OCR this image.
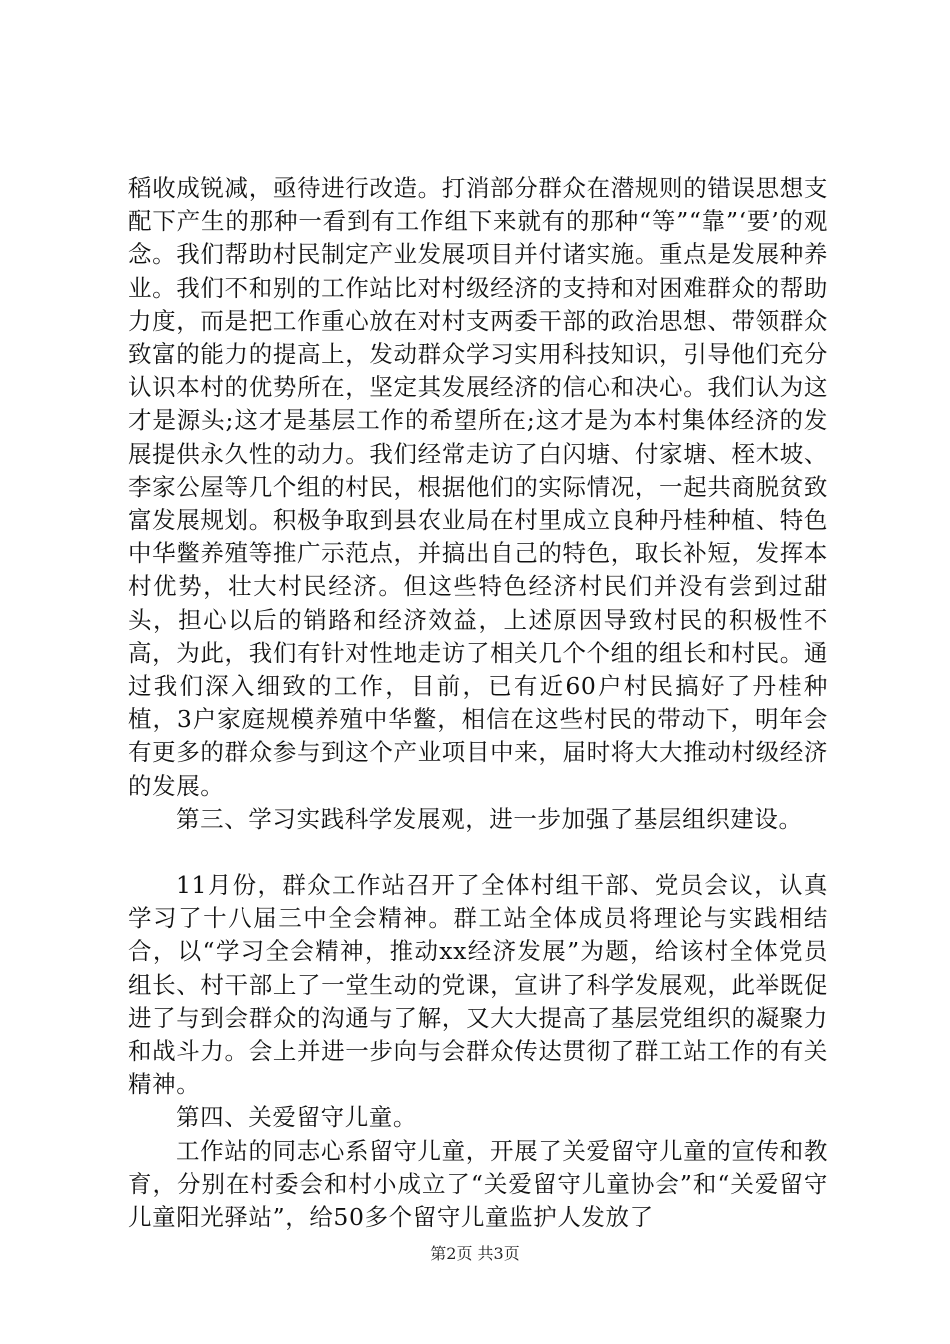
稻收成锐减，亟待进行改造。打消部分群众在潜规则的错误思想支配下产生的那种一看到有工作组下来就有的那种“等”“靠”‘要’的观念。我们帮助村民制定产业发展项目并付诸实施。重点是发展种养业。我们不和别的工作站比对村级经济的支持和对困难群众的帮助力度，而是把工作重心放在对村支两委干部的政治思想、带领群众致富的能力的提高上，发动群众学习实用科技知识，引导他们充分认识本村的优势所在，坚定其发展经济的信心和决心。我们认为这才是源头;这才是基层工作的希望所在;这才是为本村集体经济的发展提供永久性的动力。我们经常走访了白闪塘、付家塘、桎木坡、李家公屋等几个组的村民，根据他们的实际情况，一起共商脱贫致富发展规划。积极争取到县农业局在村里成立良种丹桂种植、特色中华鳖养殖等推广示范点，并搞出自己的特色，取长补短，发挥本村优势，壮大村民经济。但这些特色经济村民们并没有尝到过甜头，担心以后的销路和经济效益，上述原因导致村民的积极性不高，为此，我们有针对性地走访了相关几个个组的组长和村民。通过我们深入细致的工作，目前，已有近60户村民搞好了丹桂种植，3户家庭规模养殖中华鳖，相信在这些村民的带动下，明年会有更多的群众参与到这个产业项目中来，届时将大大推动村级经济的发展。

第三、学习实践科学发展观，进一步加强了基层组织建设。

11月份，群众工作站召开了全体村组干部、党员会议，认真学习了十八届三中全会精神。群工站全体成员将理论与实践相结合，以“学习全会精神，推动xx经济发展”为题，给该村全体党员组长、村干部上了一堂生动的党课，宣讲了科学发展观，此举既促进了与到会群众的沟通与了解，又大大提高了基层党组织的凝聚力和战斗力。会上并进一步向与会群众传达贯彻了群工站工作的有关精神。

第四、关爱留守儿童。

工作站的同志心系留守儿童，开展了关爱留守儿童的宣传和教育，分别在村委会和村小成立了“关爱留守儿童协会”和“关爱留守儿童阳光驿站”，给50多个留守儿童监护人发放了

第2页 共3页
